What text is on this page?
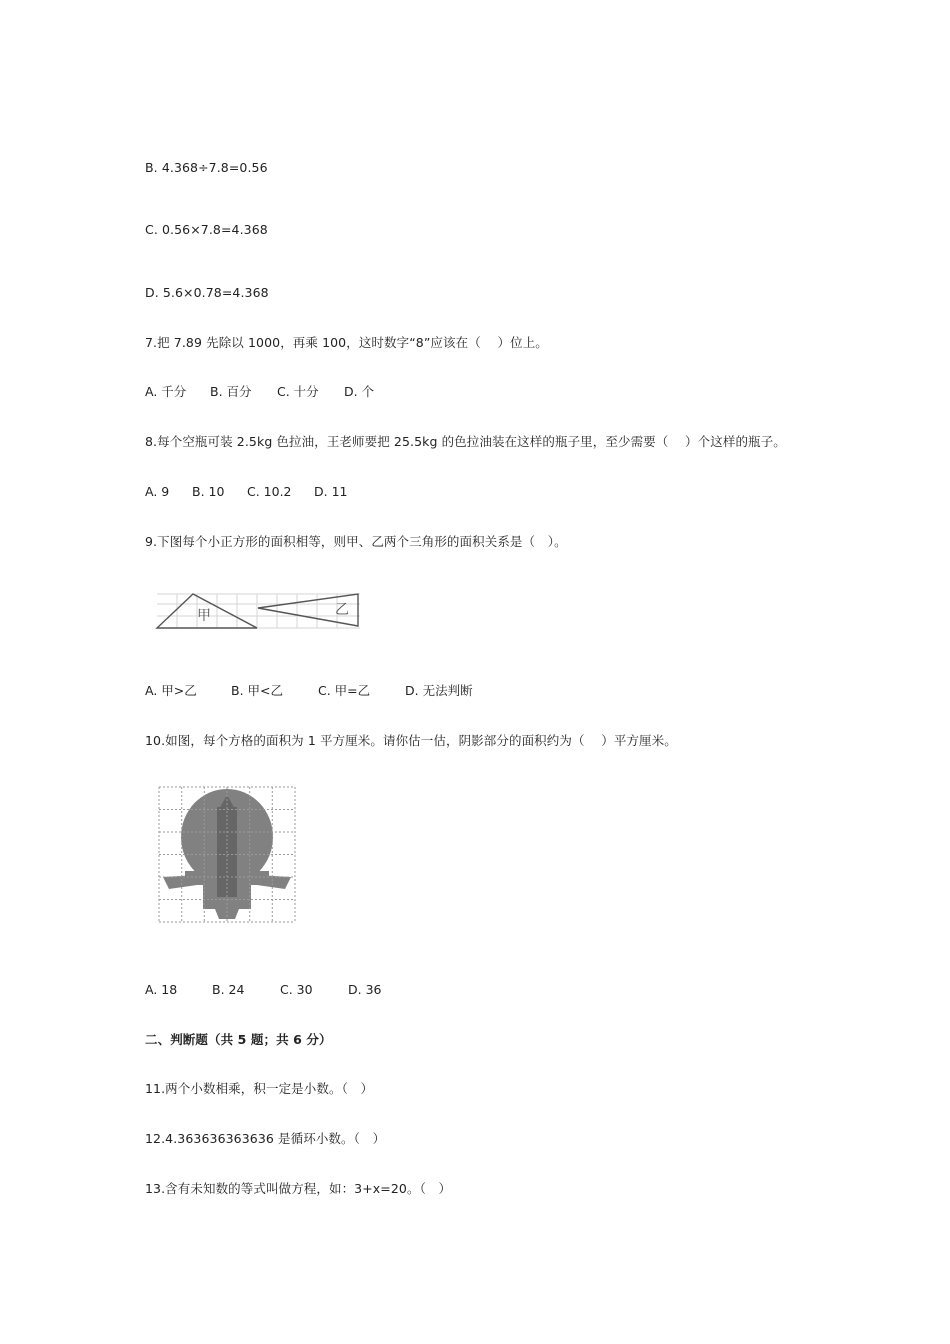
B. 4.368÷7.8=0.56
C. 0.56×7.8=4.368
D. 5.6×0.78=4.368
7.把 7.89 先除以 1000，再乘 100，这时数字“8”应该在（　 ）位上。
A. 千分 B. 百分 C. 十分 D. 个
8.每个空瓶可装 2.5kg 色拉油，王老师要把 25.5kg 的色拉油装在这样的瓶子里，至少需要（　 ）个这样的瓶子。
A. 9 B. 10 C. 10.2 D. 11
9.下图每个小正方形的面积相等，则甲、乙两个三角形的面积关系是（　）。
甲	乙
A. 甲>乙	B. 甲<乙	C. 甲=乙	D. 无法判断
10.如图，每个方格的面积为 1 平方厘米。请你估一估，阴影部分的面积约为（　 ）平方厘米。
A. 18	B. 24	C. 30	D. 36
二、判断题（共 5 题；共 6 分）
11.两个小数相乘，积一定是小数。（　）
12.4.363636363636 是循环小数。（　）
13.含有未知数的等式叫做方程，如：3+x=20。（　）
